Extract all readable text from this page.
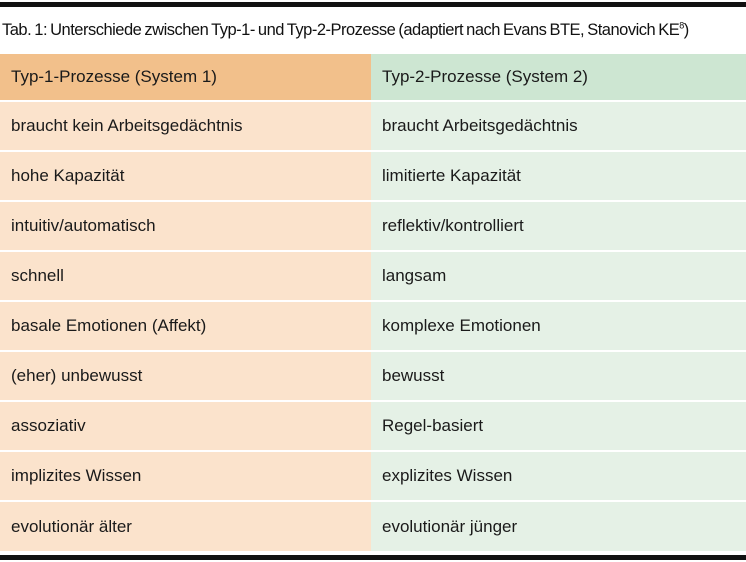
Tab. 1: Unterschiede zwischen Typ-1- und Typ-2-Prozesse (adaptiert nach Evans BTE, Stanovich $KE^8$)
Typ-1-Prozesse (System 1)	Typ-2-Prozesse (System 2)
braucht kein Arbeitsgedächtnis	braucht Arbeitsgedächtnis
hohe Kapazität	limitierte Kapazität
intuitiv/automatisch	reflektiv/kontrolliert
schnell	langsam
basale Emotionen (Affekt)	komplexe Emotionen
(eher) unbewusst	bewusst
assoziativ	Regel-basiert
implizites Wissen	explizites Wissen
evolutionär älter	evolutionär jünger
